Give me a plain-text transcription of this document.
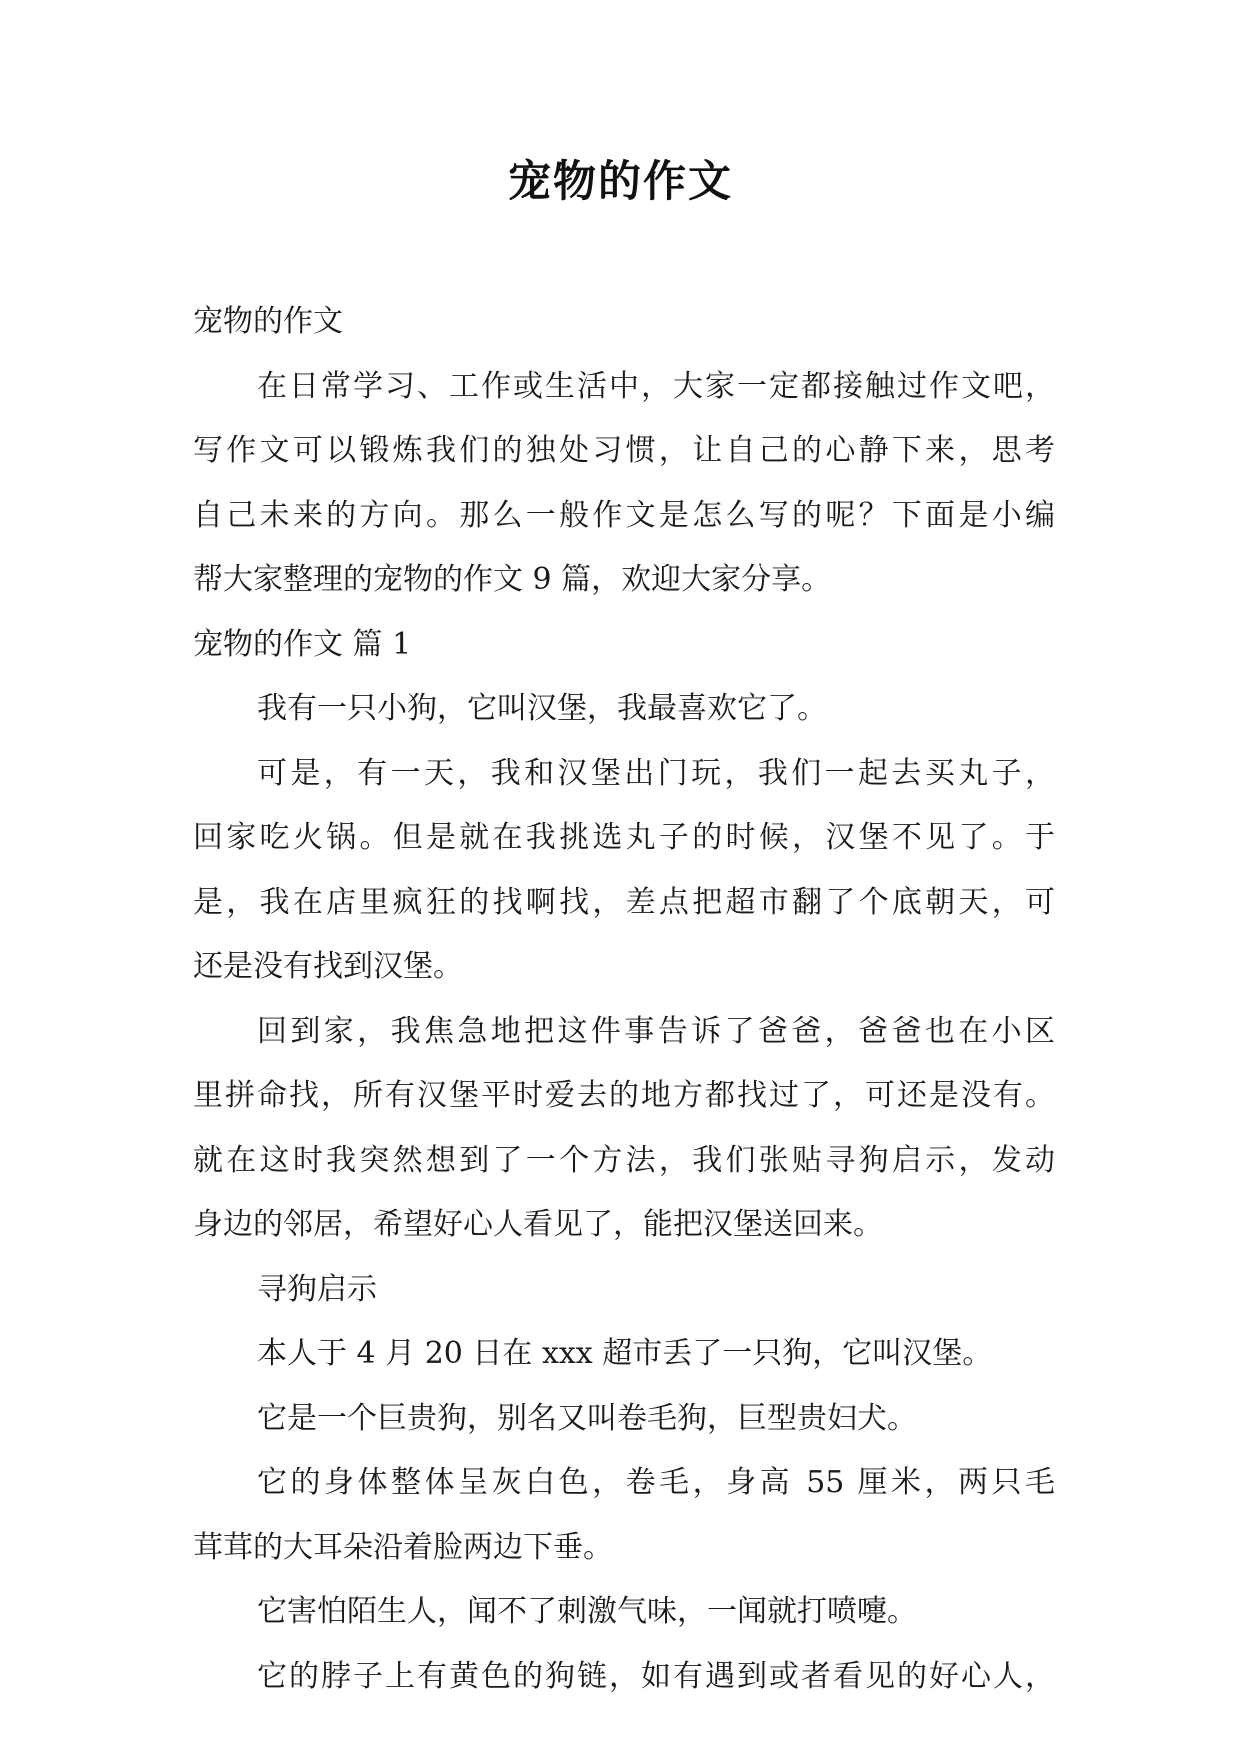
宠物的作文
宠物的作文
在日常学习、工作或生活中，大家一定都接触过作文吧，
写作文可以锻炼我们的独处习惯，让自己的心静下来，思考
自己未来的方向。那么一般作文是怎么写的呢？下面是小编
帮大家整理的宠物的作文 9 篇，欢迎大家分享。
宠物的作文 篇 1
我有一只小狗，它叫汉堡，我最喜欢它了。
可是，有一天，我和汉堡出门玩，我们一起去买丸子，
回家吃火锅。但是就在我挑选丸子的时候，汉堡不见了。于
是，我在店里疯狂的找啊找，差点把超市翻了个底朝天，可
还是没有找到汉堡。
回到家，我焦急地把这件事告诉了爸爸，爸爸也在小区
里拼命找，所有汉堡平时爱去的地方都找过了，可还是没有。
就在这时我突然想到了一个方法，我们张贴寻狗启示，发动
身边的邻居，希望好心人看见了，能把汉堡送回来。
寻狗启示
本人于 4 月 20 日在 xxx 超市丢了一只狗，它叫汉堡。
它是一个巨贵狗，别名又叫卷毛狗，巨型贵妇犬。
它的身体整体呈灰白色，卷毛，身高 55 厘米，两只毛
茸茸的大耳朵沿着脸两边下垂。
它害怕陌生人，闻不了刺激气味，一闻就打喷嚏。
它的脖子上有黄色的狗链，如有遇到或者看见的好心人，
